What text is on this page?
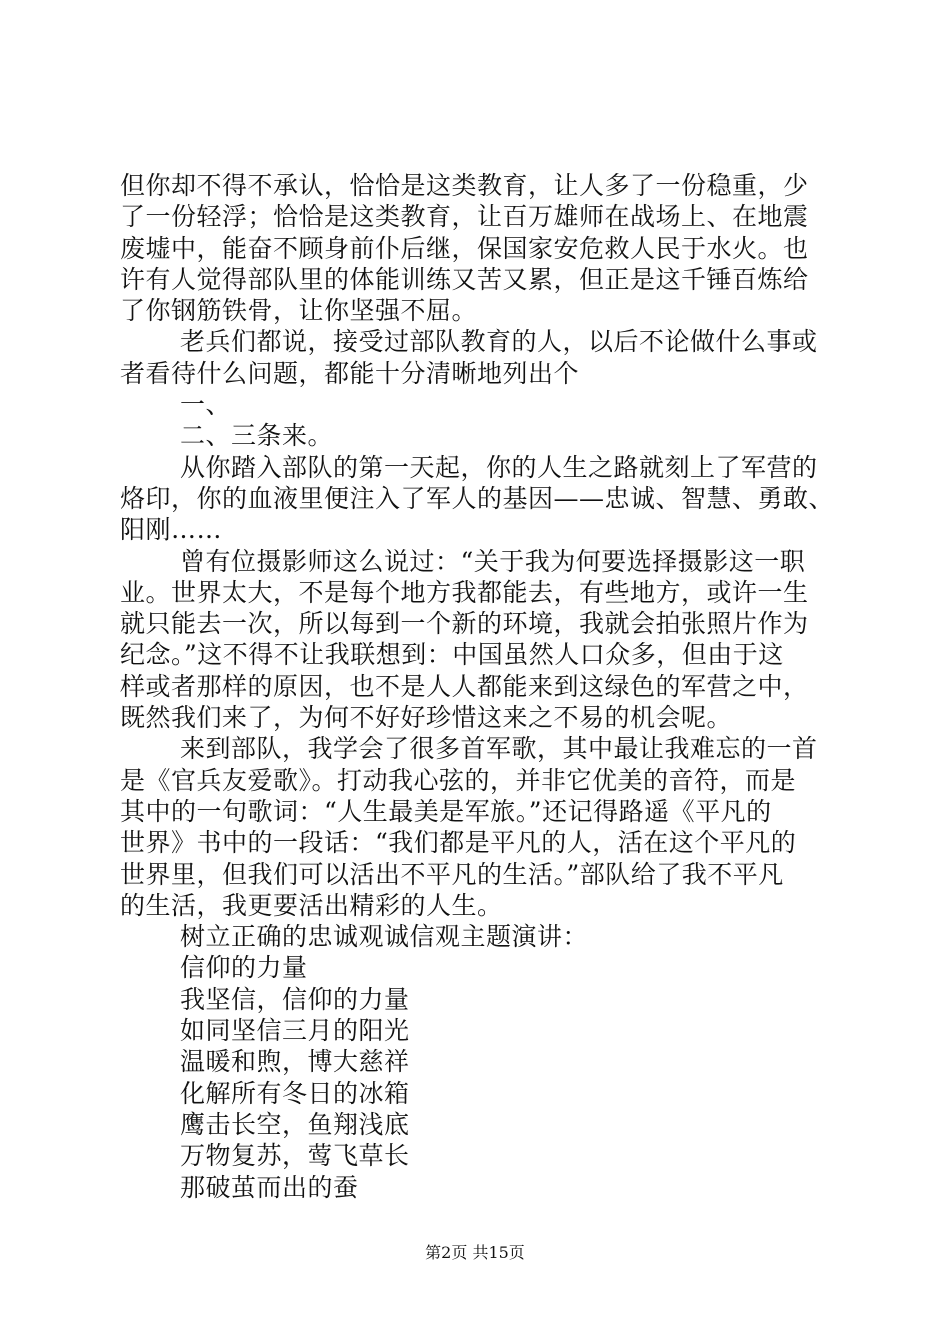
但你却不得不承认，恰恰是这类教育，让人多了一份稳重，少
了一份轻浮；恰恰是这类教育，让百万雄师在战场上、在地震
废墟中，能奋不顾身前仆后继，保国家安危救人民于水火。也
许有人觉得部队里的体能训练又苦又累，但正是这千锤百炼给
了你钢筋铁骨，让你坚强不屈。
老兵们都说，接受过部队教育的人，以后不论做什么事或
者看待什么问题，都能十分清晰地列出个
一、
二、三条来。
从你踏入部队的第一天起，你的人生之路就刻上了军营的
烙印，你的血液里便注入了军人的基因——忠诚、智慧、勇敢、
阳刚……
曾有位摄影师这么说过：“关于我为何要选择摄影这一职
业。世界太大，不是每个地方我都能去，有些地方，或许一生
就只能去一次，所以每到一个新的环境，我就会拍张照片作为
纪念。”这不得不让我联想到：中国虽然人口众多，但由于这
样或者那样的原因，也不是人人都能来到这绿色的军营之中，
既然我们来了，为何不好好珍惜这来之不易的机会呢。
来到部队，我学会了很多首军歌，其中最让我难忘的一首
是《官兵友爱歌》。打动我心弦的，并非它优美的音符，而是
其中的一句歌词：“人生最美是军旅。”还记得路遥《平凡的
世界》书中的一段话：“我们都是平凡的人，活在这个平凡的
世界里，但我们可以活出不平凡的生活。”部队给了我不平凡
的生活，我更要活出精彩的人生。
树立正确的忠诚观诚信观主题演讲：
信仰的力量
我坚信，信仰的力量
如同坚信三月的阳光
温暖和煦，博大慈祥
化解所有冬日的冰箱
鹰击长空，鱼翔浅底
万物复苏，莺飞草长
那破茧而出的蚕
第2页 共15页
